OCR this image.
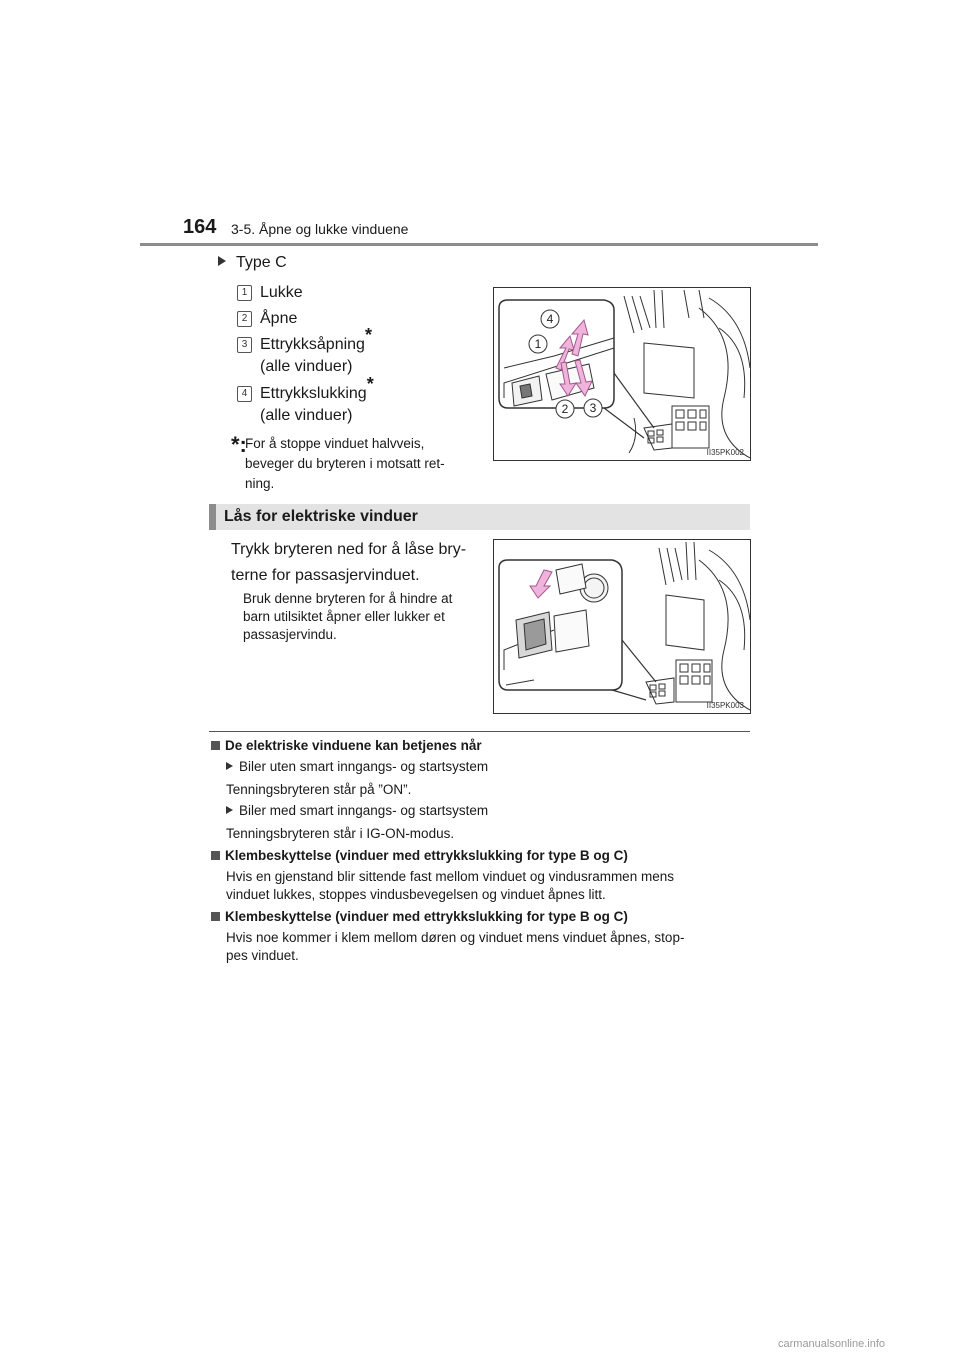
164 3-5. Åpne og lukke vinduene
Type C
1 Lukke
2 Åpne
3 Ettrykksåpning*
(alle vinduer)
4 Ettrykkslukking*
(alle vinduer)
*:
For å stoppe vinduet halvveis,
beveger du bryteren i motsatt ret-
ning.
4
1
2 3
II35PK002
Lås for elektriske vinduer
Trykk bryteren ned for å låse bry-
terne for passasjervinduet.
Bruk denne bryteren for å hindre at
barn utilsiktet åpner eller lukker et
passasjervindu.
II35PK003
De elektriske vinduene kan betjenes når
Biler uten smart inngangs- og startsystem
Tenningsbryteren står på ”ON”.
Biler med smart inngangs- og startsystem
Tenningsbryteren står i IG-ON-modus.
Klembeskyttelse (vinduer med ettrykkslukking for type B og C)
Hvis en gjenstand blir sittende fast mellom vinduet og vindusrammen mens
vinduet lukkes, stoppes vindusbevegelsen og vinduet åpnes litt.
Klembeskyttelse (vinduer med ettrykkslukking for type B og C)
Hvis noe kommer i klem mellom døren og vinduet mens vinduet åpnes, stop-
pes vinduet.
carmanualsonline.info
